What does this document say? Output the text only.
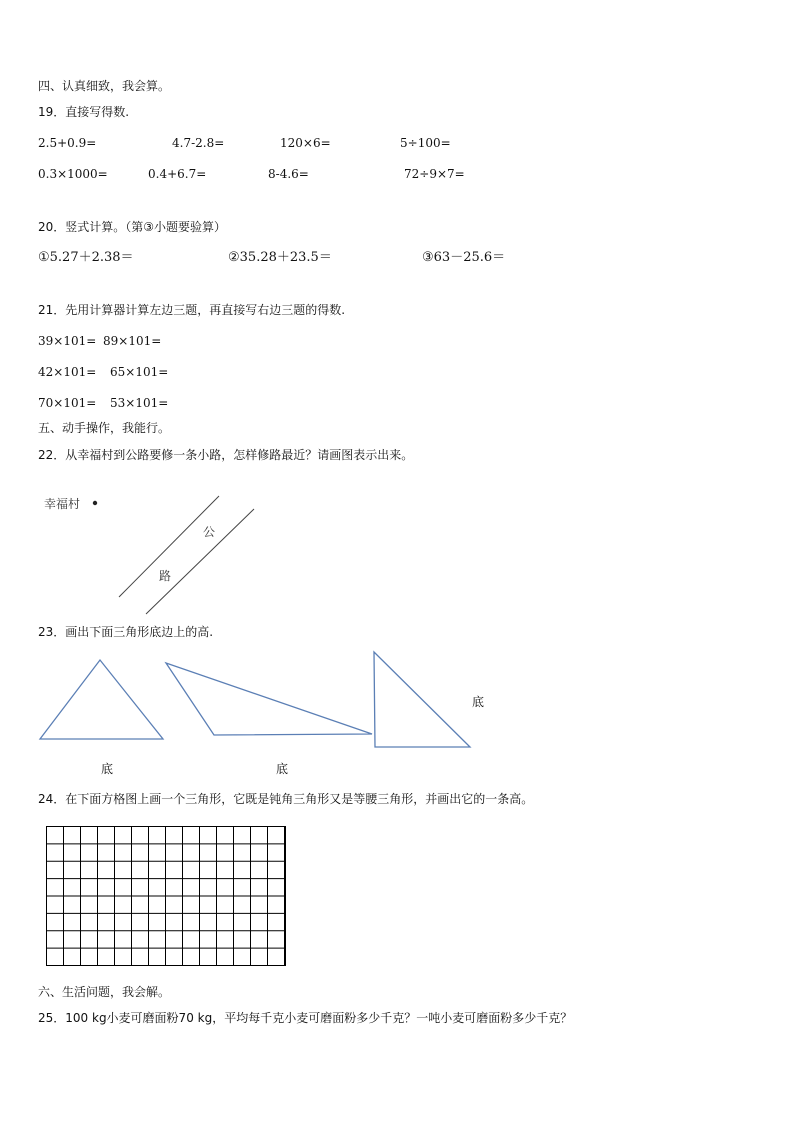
四、认真细致，我会算。
19．直接写得数.
2.5+0.9=	4.7-2.8=	120×6=	5÷100=
0.3×1000=	0.4+6.7=	8-4.6=	72÷9×7=
20．竖式计算。（第③小题要验算）
①5.27＋2.38＝	②35.28＋23.5＝	③63－25.6＝
21．先用计算器计算左边三题，再直接写右边三题的得数.
39×101= 89×101=
42×101= 65×101=
70×101= 53×101=
五、动手操作，我能行。
22．从幸福村到公路要修一条小路，怎样修路最近？请画图表示出来。
幸福村
公
路
23．画出下面三角形底边上的高.
底	底
底
24．在下面方格图上画一个三角形，它既是钝角三角形又是等腰三角形，并画出它的一条高。
六、生活问题，我会解。
25．100 kg小麦可磨面粉70 kg，平均每千克小麦可磨面粉多少千克？一吨小麦可磨面粉多少千克？
